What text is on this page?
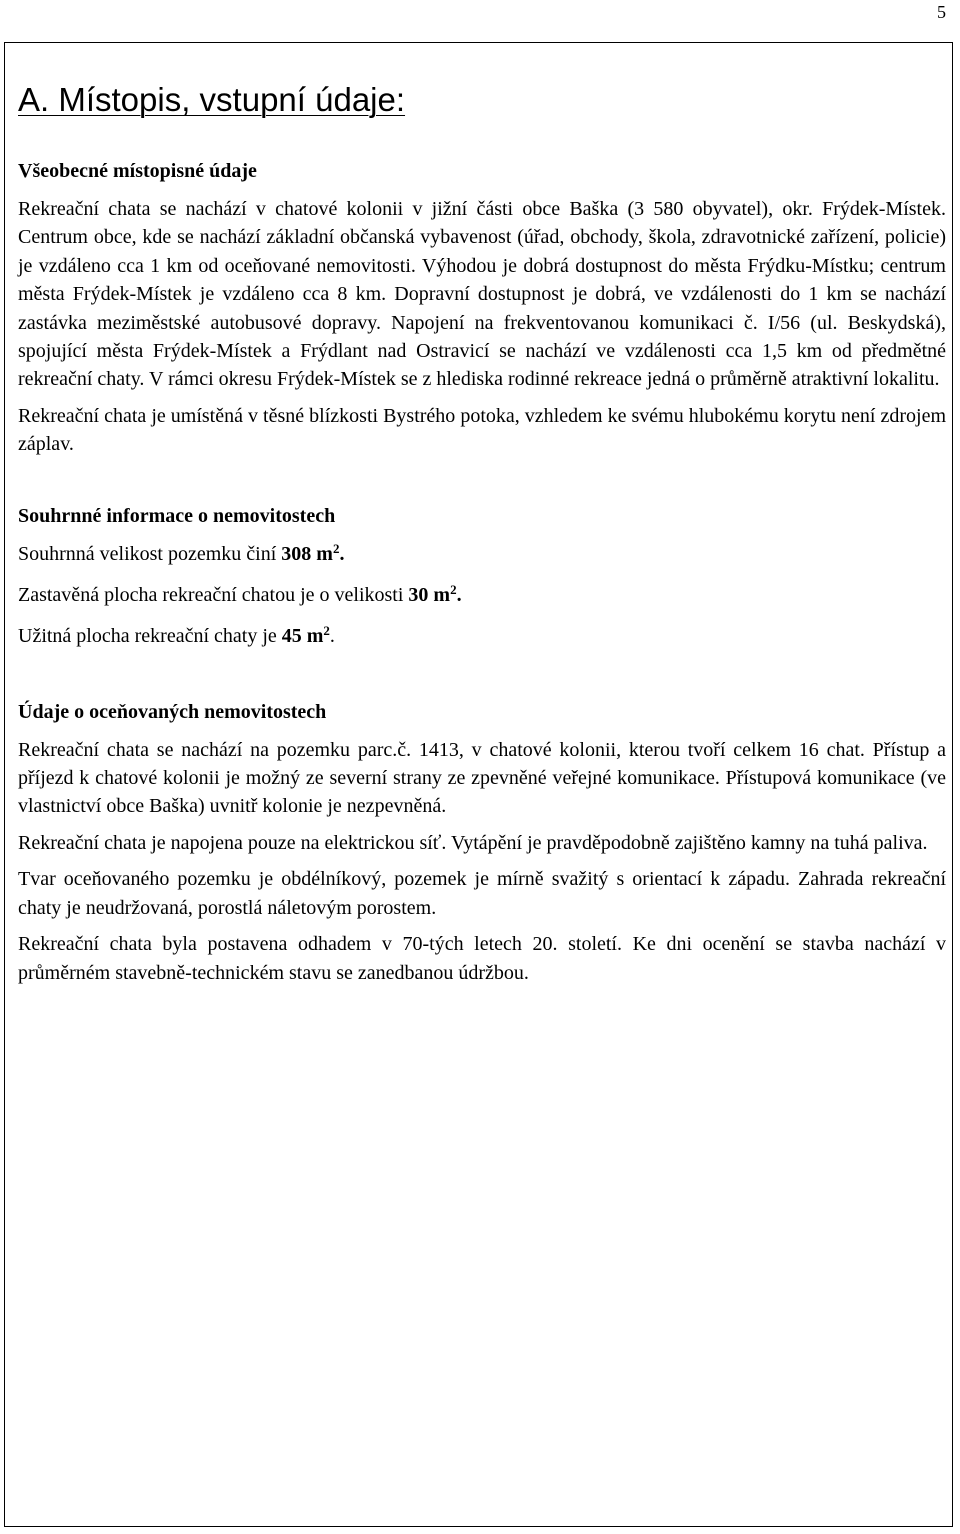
5
A. Místopis, vstupní údaje:
Všeobecné místopisné údaje

Rekreační chata se nachází v chatové kolonii v jižní části obce Baška (3 580 obyvatel), okr. Frýdek-Místek. Centrum obce, kde se nachází základní občanská vybavenost (úřad, obchody, škola, zdravotnické zařízení, policie) je vzdáleno cca 1 km od oceňované nemovitosti. Výhodou je dobrá dostupnost do města Frýdku-Místku; centrum města Frýdek-Místek je vzdáleno cca 8 km. Dopravní dostupnost je dobrá, ve vzdálenosti do 1 km se nachází zastávka meziměstské autobusové dopravy. Napojení na frekventovanou komunikaci č. I/56 (ul. Beskydská), spojující města Frýdek-Místek a Frýdlant nad Ostravicí se nachází ve vzdálenosti cca 1,5 km od předmětné rekreační chaty. V rámci okresu Frýdek-Místek se z hlediska rodinné rekreace jedná o průměrně atraktivní lokalitu.

Rekreační chata je umístěná v těsné blízkosti Bystrého potoka, vzhledem ke svému hlubokému korytu není zdrojem záplav.

Souhrnné informace o nemovitostech
Souhrnná velikost pozemku činí 308 $m^2$.
Zastavěná plocha rekreační chatou je o velikosti 30 $m^2$.
Užitná plocha rekreační chaty je 45 $m^2$.
Údaje o oceňovaných nemovitostech

Rekreační chata se nachází na pozemku parc.č. 1413, v chatové kolonii, kterou tvoří celkem 16 chat. Přístup a příjezd k chatové kolonii je možný ze severní strany ze zpevněné veřejné komunikace. Přístupová komunikace (ve vlastnictví obce Baška) uvnitř kolonie je nezpevněná.

Rekreační chata je napojena pouze na elektrickou síť. Vytápění je pravděpodobně zajištěno kamny na tuhá paliva.

Tvar oceňovaného pozemku je obdélníkový, pozemek je mírně svažitý s orientací k západu. Zahrada rekreační chaty je neudržovaná, porostlá náletovým porostem.

Rekreační chata byla postavena odhadem v 70-tých letech 20. století. Ke dni ocenění se stavba nachází v průměrném stavebně-technickém stavu se zanedbanou údržbou.
